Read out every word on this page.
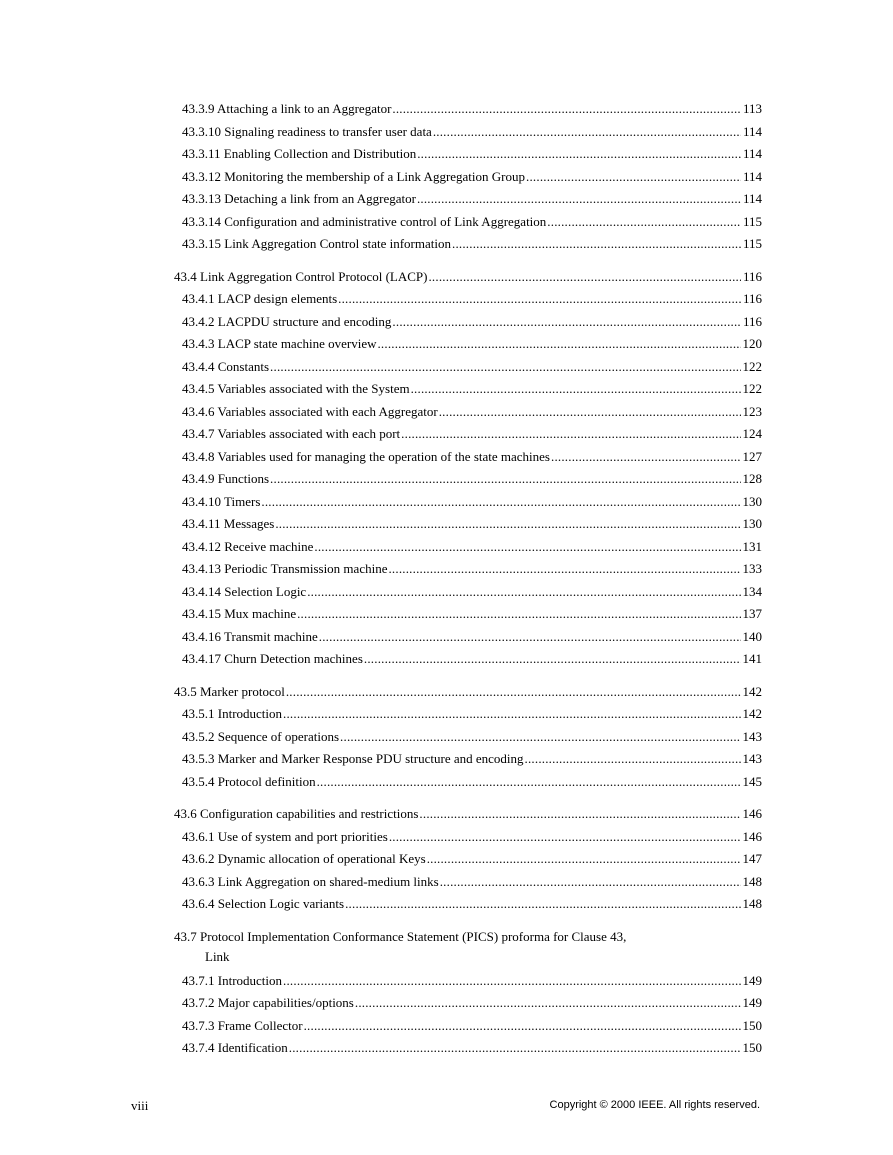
43.3.9 Attaching a link to an Aggregator .....	113
43.3.10 Signaling readiness to transfer user data .....	114
43.3.11 Enabling Collection and Distribution .....	114
43.3.12 Monitoring the membership of a Link Aggregation Group .....	114
43.3.13 Detaching a link from an Aggregator .....	114
43.3.14 Configuration and administrative control of Link Aggregation .....	115
43.3.15 Link Aggregation Control state information .....	115
43.4 Link Aggregation Control Protocol (LACP) .....	116
43.4.1 LACP design elements .....	116
43.4.2 LACPDU structure and encoding .....	116
43.4.3 LACP state machine overview .....	120
43.4.4 Constants .....	122
43.4.5 Variables associated with the System .....	122
43.4.6 Variables associated with each Aggregator .....	123
43.4.7 Variables associated with each port .....	124
43.4.8 Variables used for managing the operation of the state machines .....	127
43.4.9 Functions .....	128
43.4.10 Timers .....	130
43.4.11 Messages .....	130
43.4.12 Receive machine .....	131
43.4.13 Periodic Transmission machine .....	133
43.4.14 Selection Logic .....	134
43.4.15 Mux machine .....	137
43.4.16 Transmit machine .....	140
43.4.17 Churn Detection machines .....	141
43.5 Marker protocol .....	142
43.5.1 Introduction .....	142
43.5.2 Sequence of operations .....	143
43.5.3 Marker and Marker Response PDU structure and encoding .....	143
43.5.4 Protocol definition .....	145
43.6 Configuration capabilities and restrictions .....	146
43.6.1 Use of system and port priorities .....	146
43.6.2 Dynamic allocation of operational Keys .....	147
43.6.3 Link Aggregation on shared-medium links .....	148
43.6.4 Selection Logic variants .....	148
43.7 Protocol Implementation Conformance Statement (PICS) proforma for Clause 43,
Link .....
43.7.1 Introduction .....	149
43.7.2 Major capabilities/options .....	149
43.7.3 Frame Collector .....	150
43.7.4 Identification .....	150
viii	Copyright © 2000 IEEE. All rights reserved.
